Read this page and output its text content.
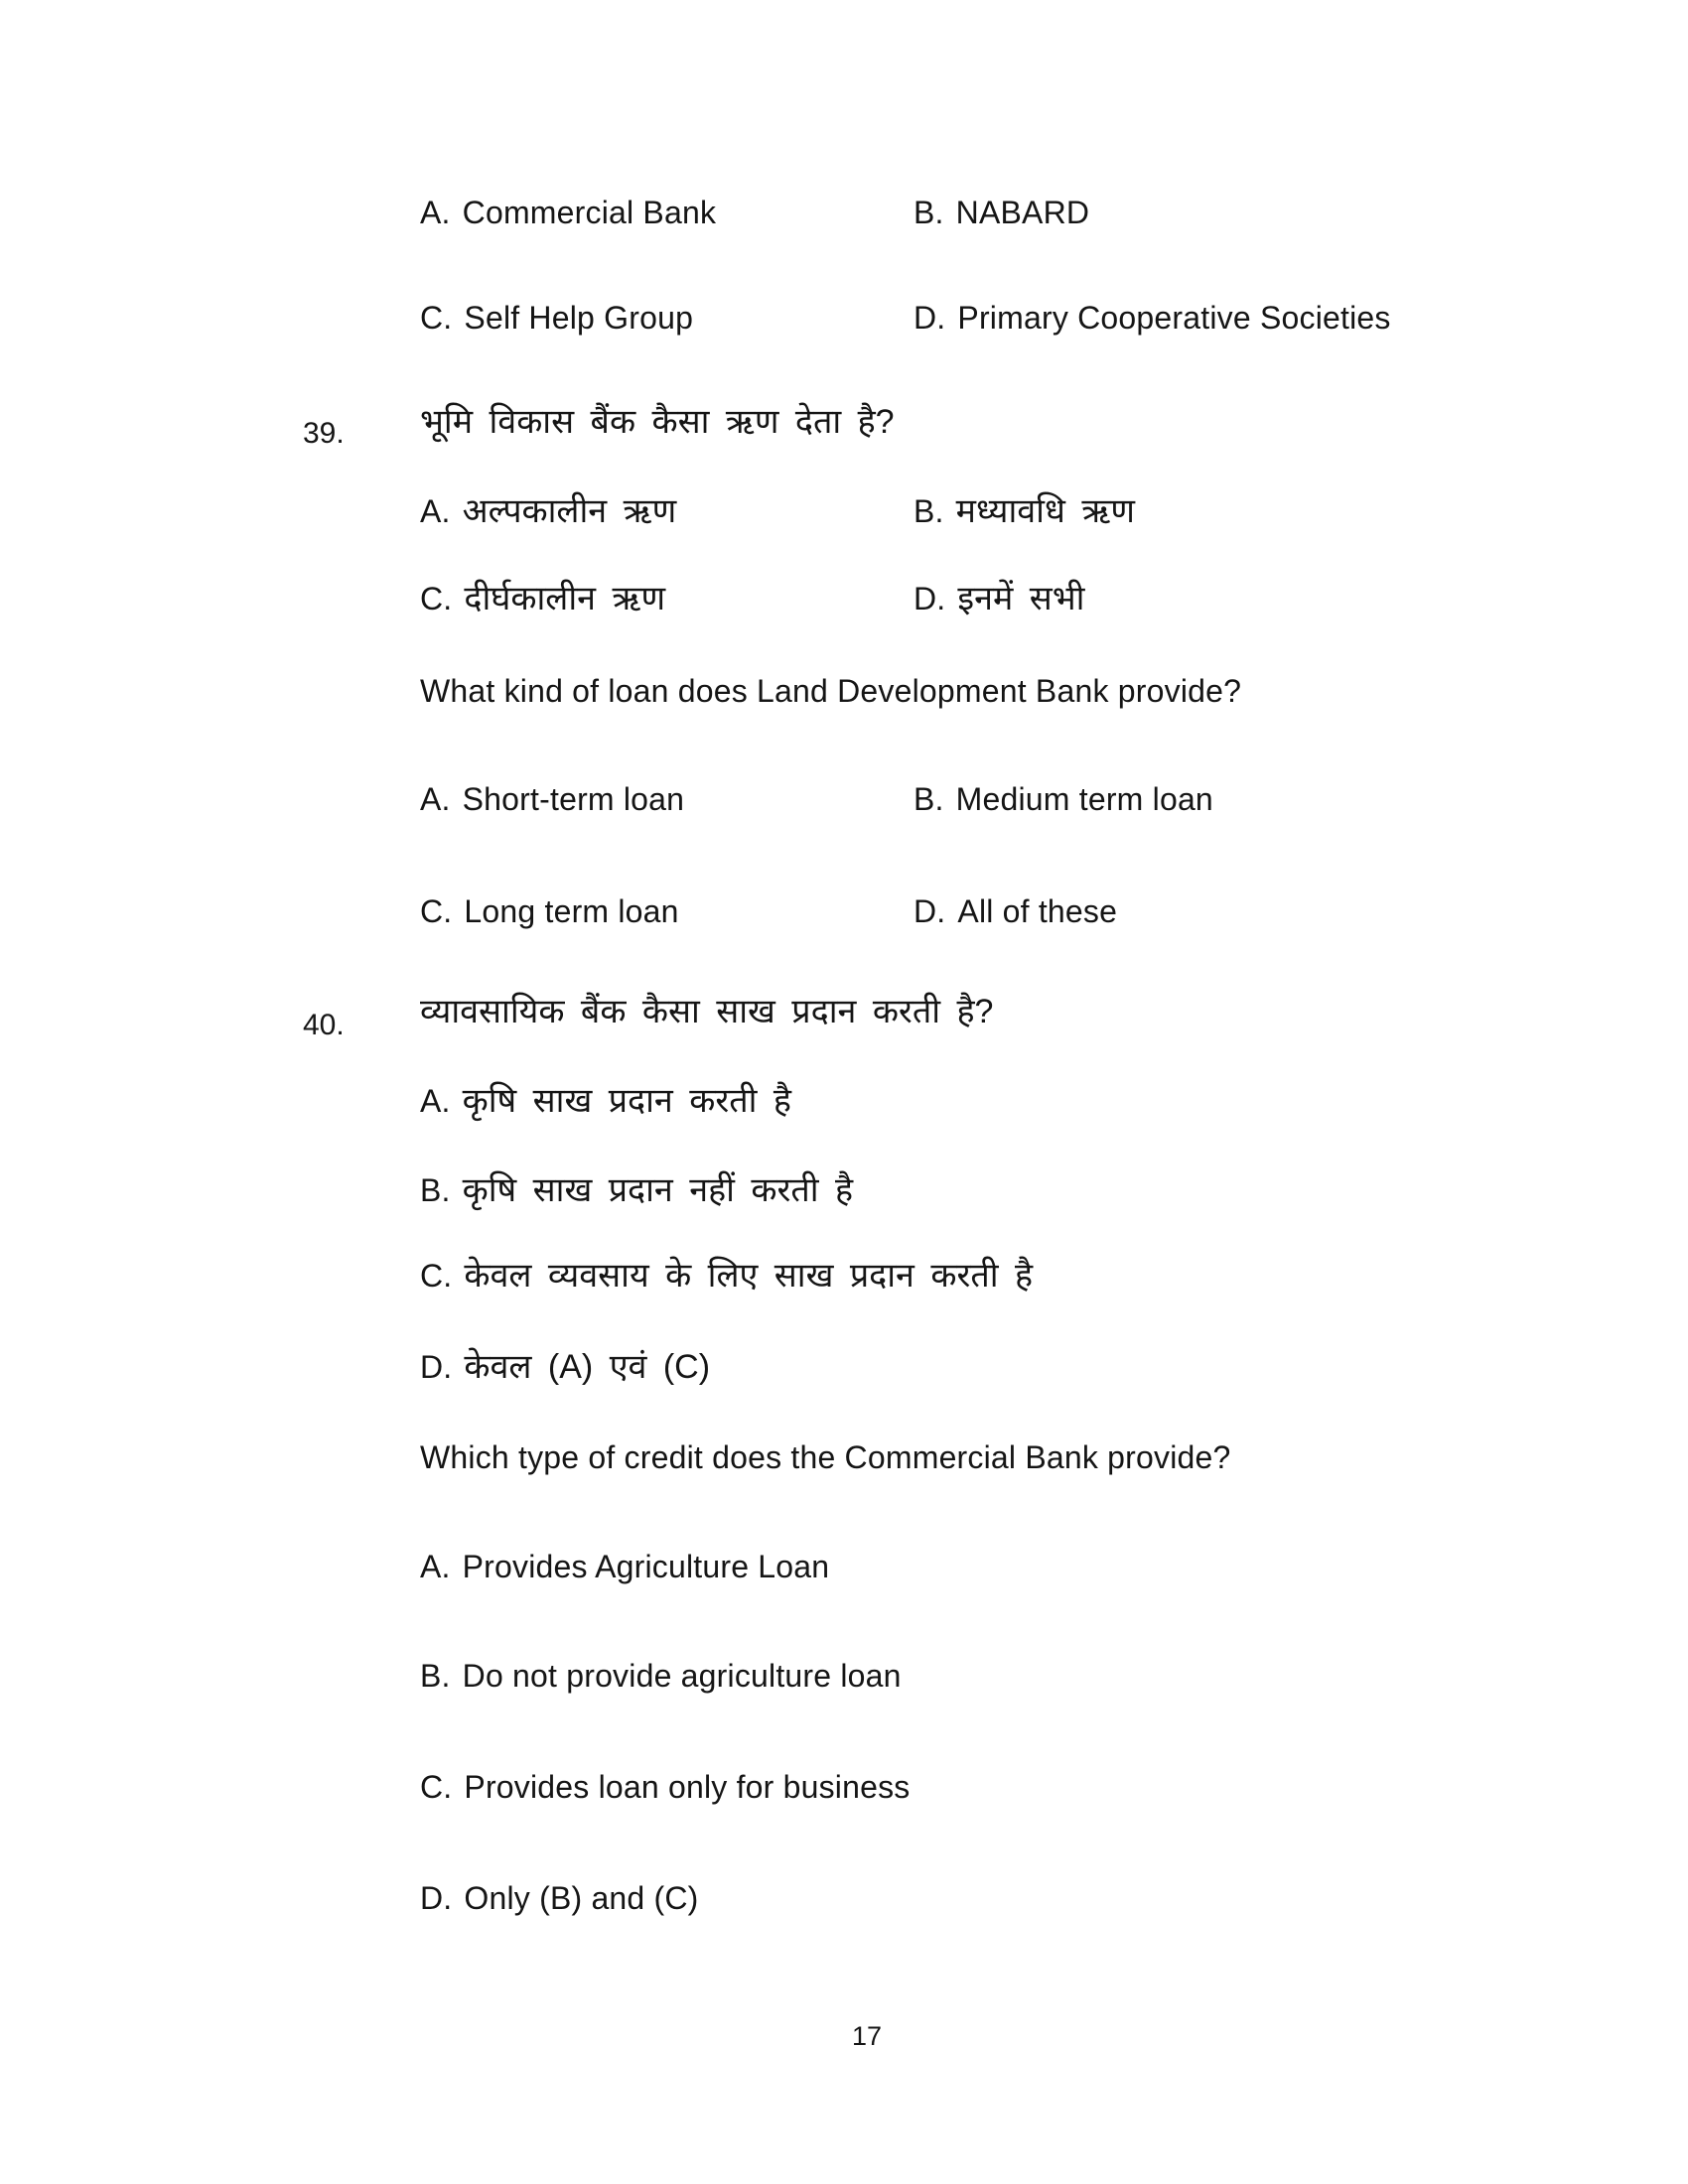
A. Commercial Bank	B. NABARD
C. Self Help Group	D. Primary Cooperative Societies
39. भूमि विकास बैंक कैसा ऋण देता है?
A. अल्पकालीन ऋण	B. मध्यावधि ऋण
C. दीर्घकालीन ऋण	D. इनमें सभी
What kind of loan does Land Development Bank provide?
A. Short-term loan	B. Medium term loan
C. Long term loan	D. All of these
40. व्यावसायिक बैंक कैसा साख प्रदान करती है?
A. कृषि साख प्रदान करती है
B. कृषि साख प्रदान नहीं करती है
C. केवल व्यवसाय के लिए साख प्रदान करती है
D. केवल (A) एवं (C)
Which type of credit does the Commercial Bank provide?
A. Provides Agriculture Loan
B. Do not provide agriculture loan
C. Provides loan only for business
D. Only (B) and (C)
17
